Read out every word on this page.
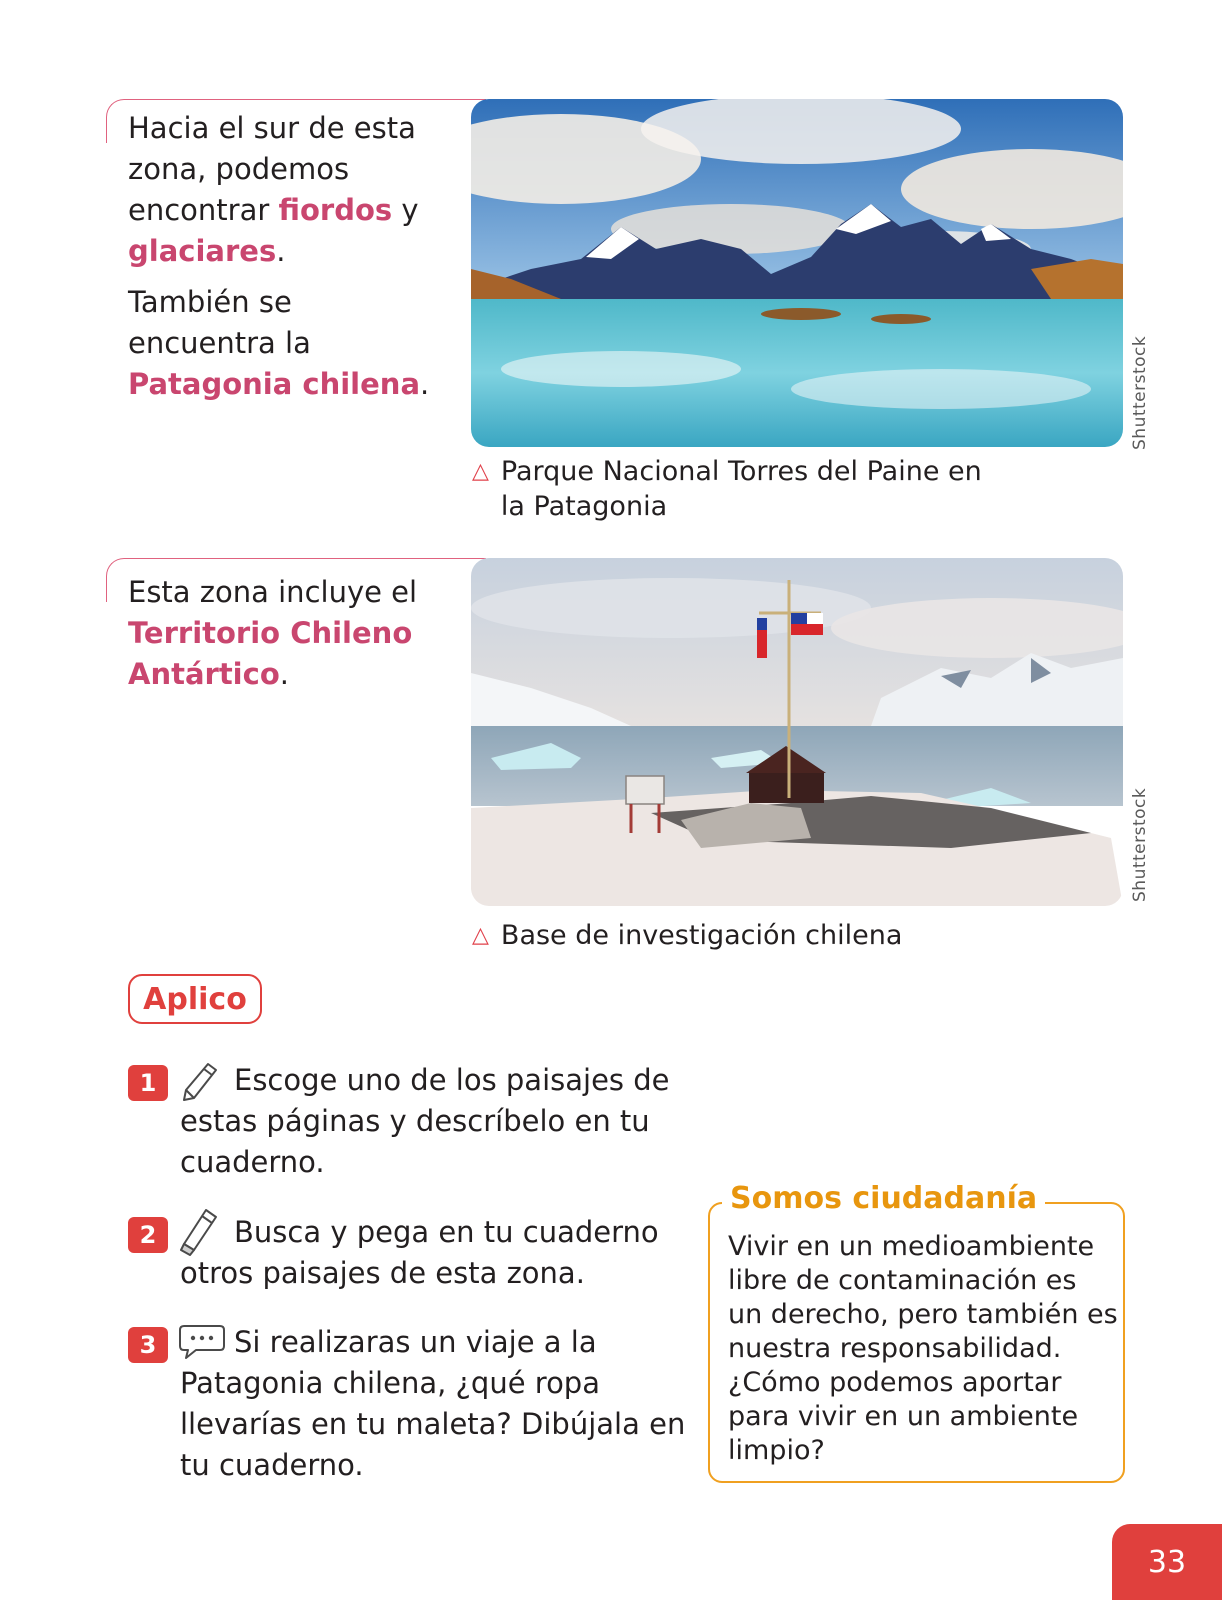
Hacia el sur de esta zona, podemos encontrar fiordos y glaciares.

También se encuentra la Patagonia chilena.	Shutterstock
△ Parque Nacional Torres del Paine en la Patagonia

Esta zona incluye el Territorio Chileno Antártico.

Shutterstock
△ Base de investigación chilena
Aplico
1	Escoge uno de los paisajes de estas páginas y descríbelo en tu cuaderno.
2	Busca y pega en tu cuaderno otros paisajes de esta zona.
3	Si realizaras un viaje a la Patagonia chilena, ¿qué ropa llevarías en tu maleta? Dibújala en tu cuaderno.
Somos ciudadanía
Vivir en un medioambiente libre de contaminación es un derecho, pero también es nuestra responsabilidad. ¿Cómo podemos aportar para vivir en un ambiente limpio?
33
